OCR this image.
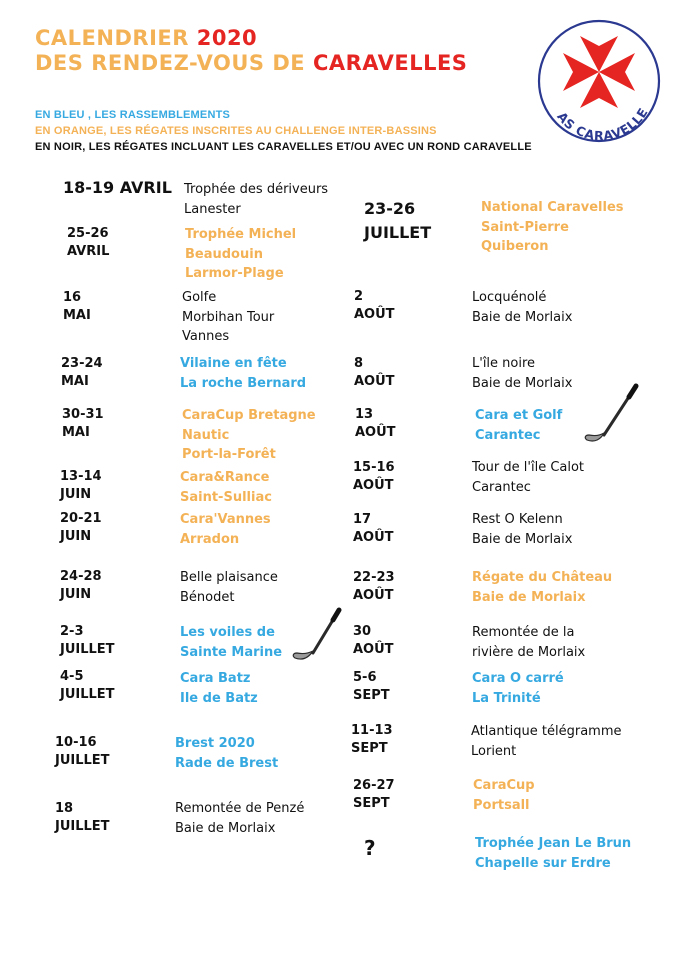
CALENDRIER 2020
DES RENDEZ-VOUS DE CARAVELLES
AS CARAVELLE
EN BLEU , LES RASSEMBLEMENTS
EN ORANGE, LES RÉGATES INSCRITES AU CHALLENGE INTER-BASSINS
EN NOIR, LES RÉGATES INCLUANT LES CARAVELLES ET/OU AVEC UN ROND CARAVELLE
18-19 AVRIL Trophée des dériveurs
Lanester
25-26
AVRIL
Trophée Michel
Beaudouin
Larmor-Plage
16
MAI
Golfe
Morbihan Tour
Vannes
23-24
MAI
Vilaine en fête
La roche Bernard
30-31
MAI
CaraCup Bretagne
Nautic
Port-la-Forêt
13-14
JUIN
Cara&Rance
Saint-Sulliac
20-21
JUIN
Cara'Vannes
Arradon
24-28
JUIN
Belle plaisance
Bénodet
2-3
JUILLET
Les voiles de
Sainte Marine
4-5
JUILLET
Cara Batz
Ile de Batz
10-16
JUILLET
Brest 2020
Rade de Brest
18
JUILLET
Remontée de Penzé
Baie de Morlaix
23-26
JUILLET
National Caravelles
Saint-Pierre
Quiberon
2
AOÛT
Locquénolé
Baie de Morlaix
8
AOÛT
L'île noire
Baie de Morlaix
13
AOÛT
Cara et Golf
Carantec
15-16
AOÛT
Tour de l'île Calot
Carantec
17
AOÛT
Rest O Kelenn
Baie de Morlaix
22-23
AOÛT
Régate du Château
Baie de Morlaix
30
AOÛT
Remontée de la
rivière de Morlaix
5-6
SEPT
Cara O carré
La Trinité
11-13
SEPT
Atlantique télégramme
Lorient
26-27
SEPT
CaraCup
Portsall
?	Trophée Jean Le Brun
Chapelle sur Erdre
